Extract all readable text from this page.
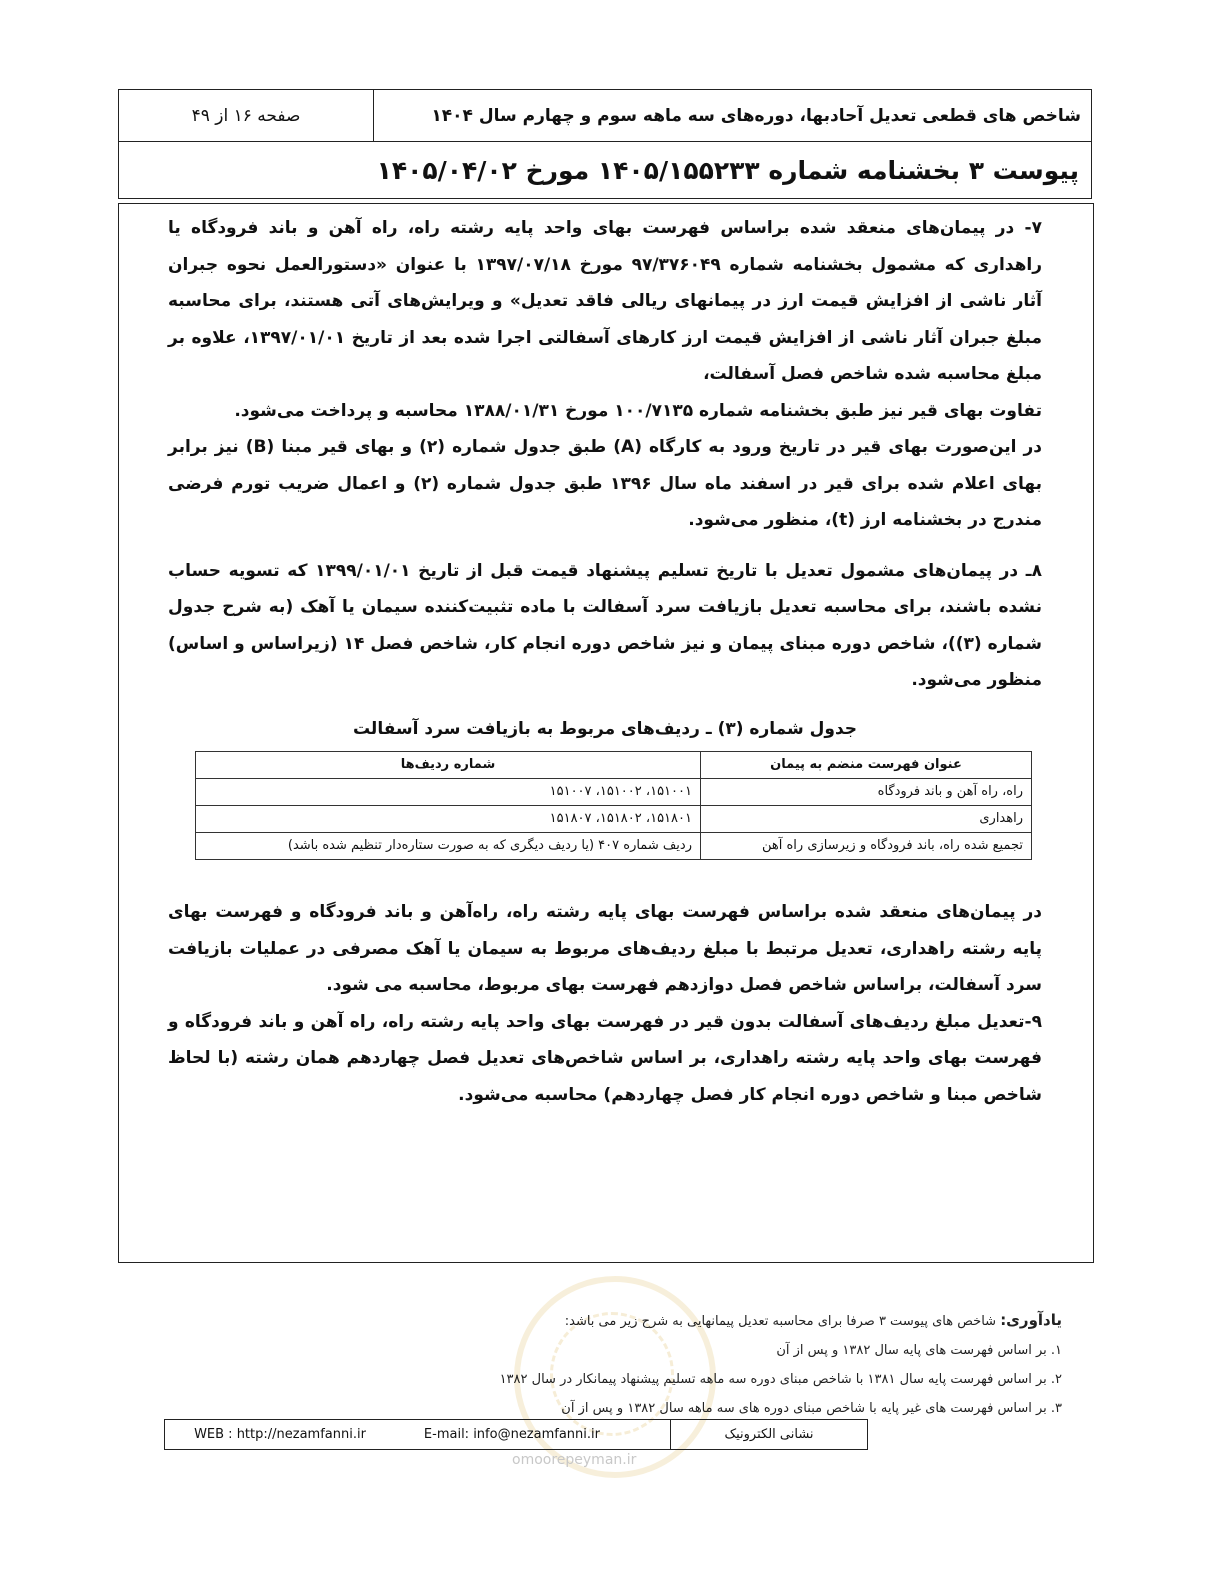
شاخص های قطعی تعدیل آحادبها، دوره‌های سه ماهه سوم و چهارم سال ۱۴۰۴
صفحه ۱۶ از ۴۹
پیوست ۳ بخشنامه شماره ۱۴۰۵/۱۵۵۲۳۳ مورخ ۱۴۰۵/۰۴/۰۲

۷- در پیمان‌های منعقد شده براساس فهرست بهای واحد پایه رشته راه، راه آهن و باند فرودگاه یا راهداری که مشمول بخشنامه شماره ۹۷/۳۷۶۰۴۹ مورخ ۱۳۹۷/۰۷/۱۸ با عنوان «دستورالعمل نحوه جبران آثار ناشی از افزایش قیمت ارز در پیمانهای ریالی فاقد تعدیل» و ویرایش‌های آتی هستند، برای محاسبه مبلغ جبران آثار ناشی از افزایش قیمت ارز کارهای آسفالتی اجرا شده بعد از تاریخ ۱۳۹۷/۰۱/۰۱، علاوه بر مبلغ محاسبه شده شاخص فصل آسفالت،

تفاوت بهای قیر نیز طبق بخشنامه شماره ۱۰۰/۷۱۳۵ مورخ ۱۳۸۸/۰۱/۳۱ محاسبه و پرداخت می‌شود.

در این‌صورت بهای قیر در تاریخ ورود به کارگاه (A) طبق جدول شماره (۲) و بهای قیر مبنا (B) نیز برابر بهای اعلام شده برای قیر در اسفند ماه سال ۱۳۹۶ طبق جدول شماره (۲) و اعمال ضریب تورم فرضی مندرج در بخشنامه ارز (t)، منظور می‌شود.

۸ـ در پیمان‌های مشمول تعدیل با تاریخ تسلیم پیشنهاد قیمت قبل از تاریخ ۱۳۹۹/۰۱/۰۱ که تسویه حساب نشده باشند، برای محاسبه تعدیل بازیافت سرد آسفالت با ماده تثبیت‌کننده سیمان یا آهک (به شرح جدول شماره (۳))، شاخص دوره مبنای پیمان و نیز شاخص دوره انجام کار، شاخص فصل ۱۴ (زیراساس و اساس) منظور می‌شود.

جدول شماره (۳) ـ ردیف‌های مربوط به بازیافت سرد آسفالت
عنوان فهرست منضم به پیمان	شماره ردیف‌ها
راه، راه آهن و باند فرودگاه	۱۵۱۰۰۱، ۱۵۱۰۰۲، ۱۵۱۰۰۷
راهداری	۱۵۱۸۰۱، ۱۵۱۸۰۲، ۱۵۱۸۰۷
تجمیع شده راه، باند فرودگاه و زیرسازی راه آهن	ردیف شماره ۴۰۷ (یا ردیف دیگری که به صورت ستاره‌دار تنظیم شده باشد)

در پیمان‌های منعقد شده براساس فهرست بهای پایه رشته راه، راه‌آهن و باند فرودگاه و فهرست بهای پایه رشته راهداری، تعدیل مرتبط با مبلغ ردیف‌های مربوط به سیمان یا آهک مصرفی در عملیات بازیافت سرد آسفالت، براساس شاخص فصل دوازدهم فهرست بهای مربوط، محاسبه می شود.

۹-تعدیل مبلغ ردیف‌های آسفالت بدون قیر در فهرست بهای واحد پایه رشته راه، راه آهن و باند فرودگاه و فهرست بهای واحد پایه رشته راهداری، بر اساس شاخص‌های تعدیل فصل چهاردهم همان رشته (با لحاظ شاخص مبنا و شاخص دوره انجام کار فصل چهاردهم) محاسبه می‌شود.

omoorepeyman.ir

یادآوری: شاخص های پیوست ۳ صرفا برای محاسبه تعدیل پیمانهایی به شرح زیر می باشد:

۱. بر اساس فهرست های پایه سال ۱۳۸۲ و پس از آن

۲. بر اساس فهرست پایه سال ۱۳۸۱ با شاخص مبنای دوره سه ماهه تسلیم پیشنهاد پیمانکار در سال ۱۳۸۲

۳. بر اساس فهرست های غیر پایه با شاخص مبنای دوره های سه ماهه سال ۱۳۸۲ و پس از آن

نشانی الکترونیک
E-mail: info@nezamfanni.ir
WEB : http://nezamfanni.ir
